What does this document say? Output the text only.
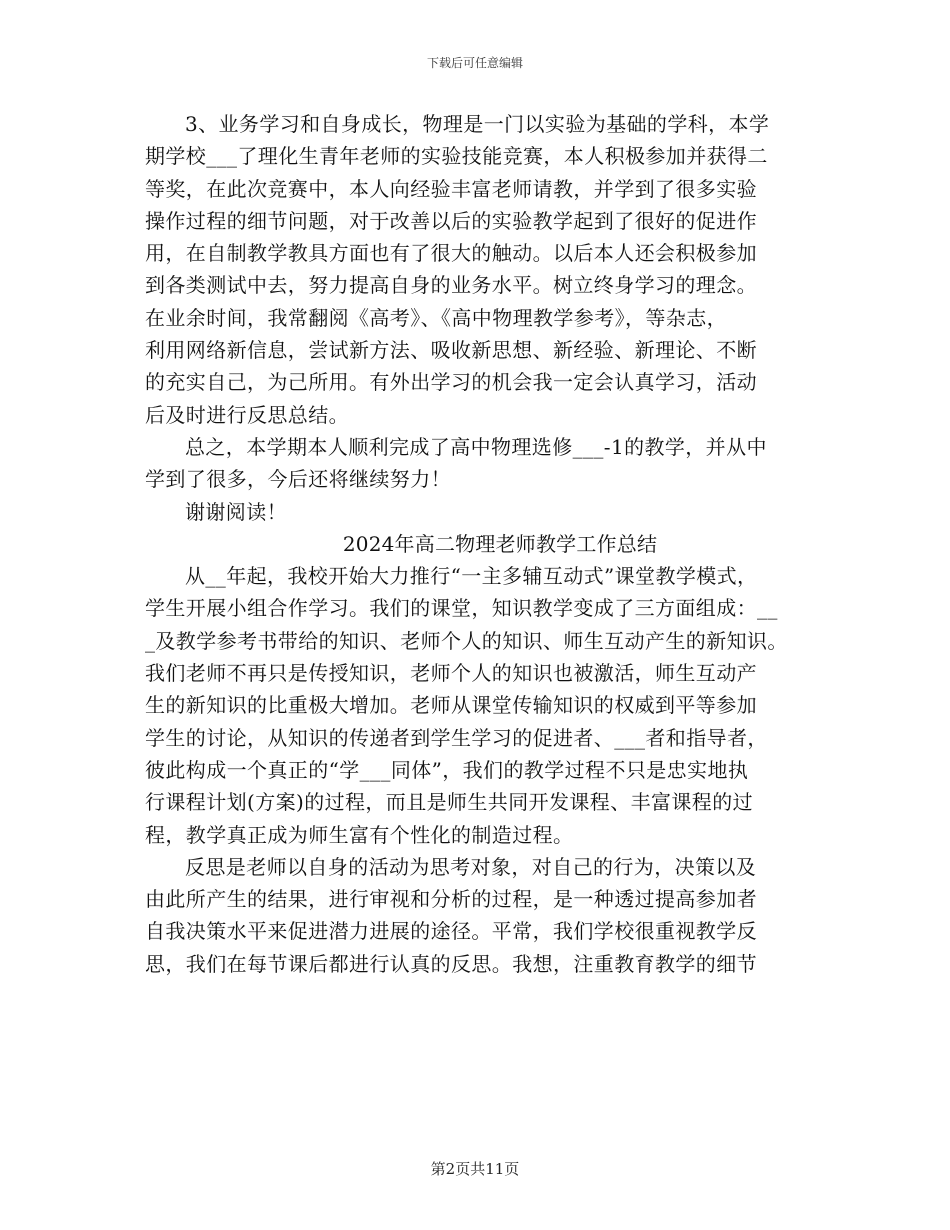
下载后可任意编辑
3、业务学习和自身成长，物理是一门以实验为基础的学科，本学
期学校___了理化生青年老师的实验技能竞赛，本人积极参加并获得二
等奖，在此次竞赛中，本人向经验丰富老师请教，并学到了很多实验
操作过程的细节问题，对于改善以后的实验教学起到了很好的促进作
用，在自制教学教具方面也有了很大的触动。以后本人还会积极参加
到各类测试中去，努力提高自身的业务水平。树立终身学习的理念。
在业余时间，我常翻阅《高考》、《高中物理教学参考》，等杂志，
利用网络新信息，尝试新方法、吸收新思想、新经验、新理论、不断
的充实自己，为己所用。有外出学习的机会我一定会认真学习，活动
后及时进行反思总结。
总之，本学期本人顺利完成了高中物理选修___-1的教学，并从中
学到了很多，今后还将继续努力！
谢谢阅读！
2024年高二物理老师教学工作总结
从__年起，我校开始大力推行“一主多辅互动式”课堂教学模式，
学生开展小组合作学习。我们的课堂，知识教学变成了三方面组成：__
_及教学参考书带给的知识、老师个人的知识、师生互动产生的新知识。
我们老师不再只是传授知识，老师个人的知识也被激活，师生互动产
生的新知识的比重极大增加。老师从课堂传输知识的权威到平等参加
学生的讨论，从知识的传递者到学生学习的促进者、___者和指导者，
彼此构成一个真正的“学___同体”，我们的教学过程不只是忠实地执
行课程计划(方案)的过程，而且是师生共同开发课程、丰富课程的过
程，教学真正成为师生富有个性化的制造过程。
反思是老师以自身的活动为思考对象，对自己的行为，决策以及
由此所产生的结果，进行审视和分析的过程，是一种透过提高参加者
自我决策水平来促进潜力进展的途径。平常，我们学校很重视教学反
思，我们在每节课后都进行认真的反思。我想，注重教育教学的细节
第2页共11页
